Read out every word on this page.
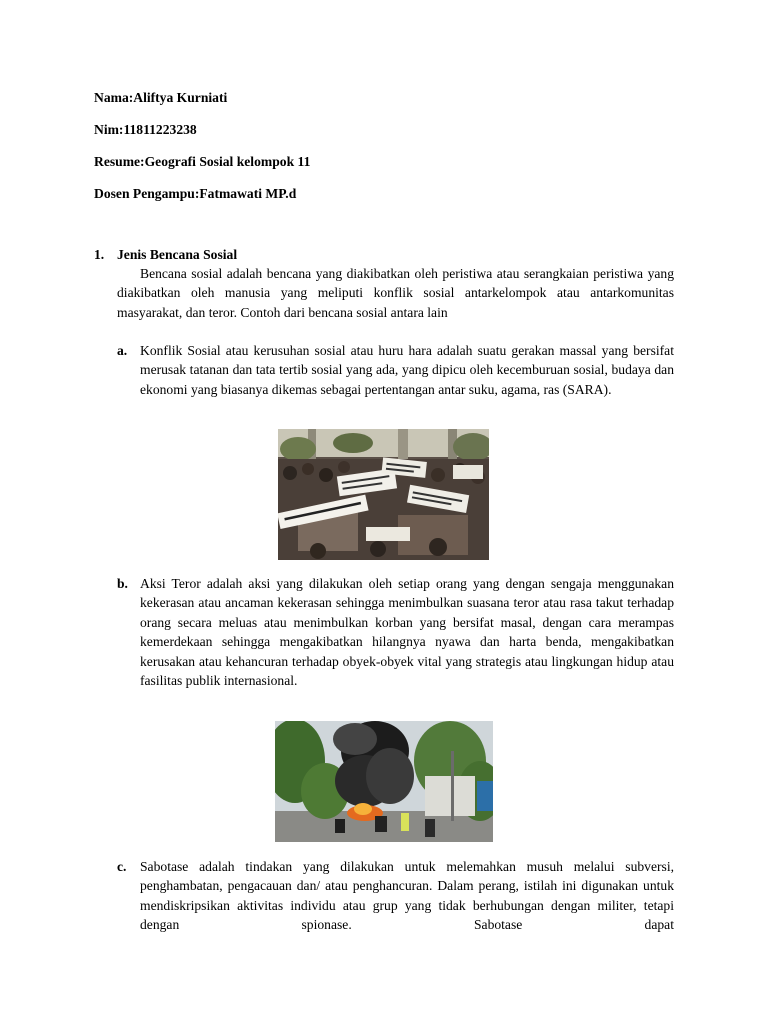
Nama:Aliftya Kurniati
Nim:11811223238
Resume:Geografi Sosial kelompok 11
Dosen Pengampu:Fatmawati MP.d
1. Jenis Bencana Sosial
Bencana sosial adalah bencana yang diakibatkan oleh peristiwa atau serangkaian peristiwa yang diakibatkan oleh manusia yang meliputi konflik sosial antarkelompok atau antarkomunitas masyarakat, dan teror. Contoh dari bencana sosial antara lain
a. Konflik Sosial atau kerusuhan sosial atau huru hara adalah suatu gerakan massal yang bersifat merusak tatanan dan tata tertib sosial yang ada, yang dipicu oleh kecemburuan sosial, budaya dan ekonomi yang biasanya dikemas sebagai pertentangan antar suku, agama, ras (SARA).
b. Aksi Teror adalah aksi yang dilakukan oleh setiap orang yang dengan sengaja menggunakan kekerasan atau ancaman kekerasan sehingga menimbulkan suasana teror atau rasa takut terhadap orang secara meluas atau menimbulkan korban yang bersifat masal, dengan cara merampas kemerdekaan sehingga mengakibatkan hilangnya nyawa dan harta benda, mengakibatkan kerusakan atau kehancuran terhadap obyek-obyek vital yang strategis atau lingkungan hidup atau fasilitas publik internasional.
c. Sabotase adalah tindakan yang dilakukan untuk melemahkan musuh melalui subversi, penghambatan, pengacauan dan/ atau penghancuran. Dalam perang, istilah ini digunakan untuk mendiskripsikan aktivitas individu atau grup yang tidak berhubungan dengan militer, tetapi dengan spionase. Sabotase dapat
